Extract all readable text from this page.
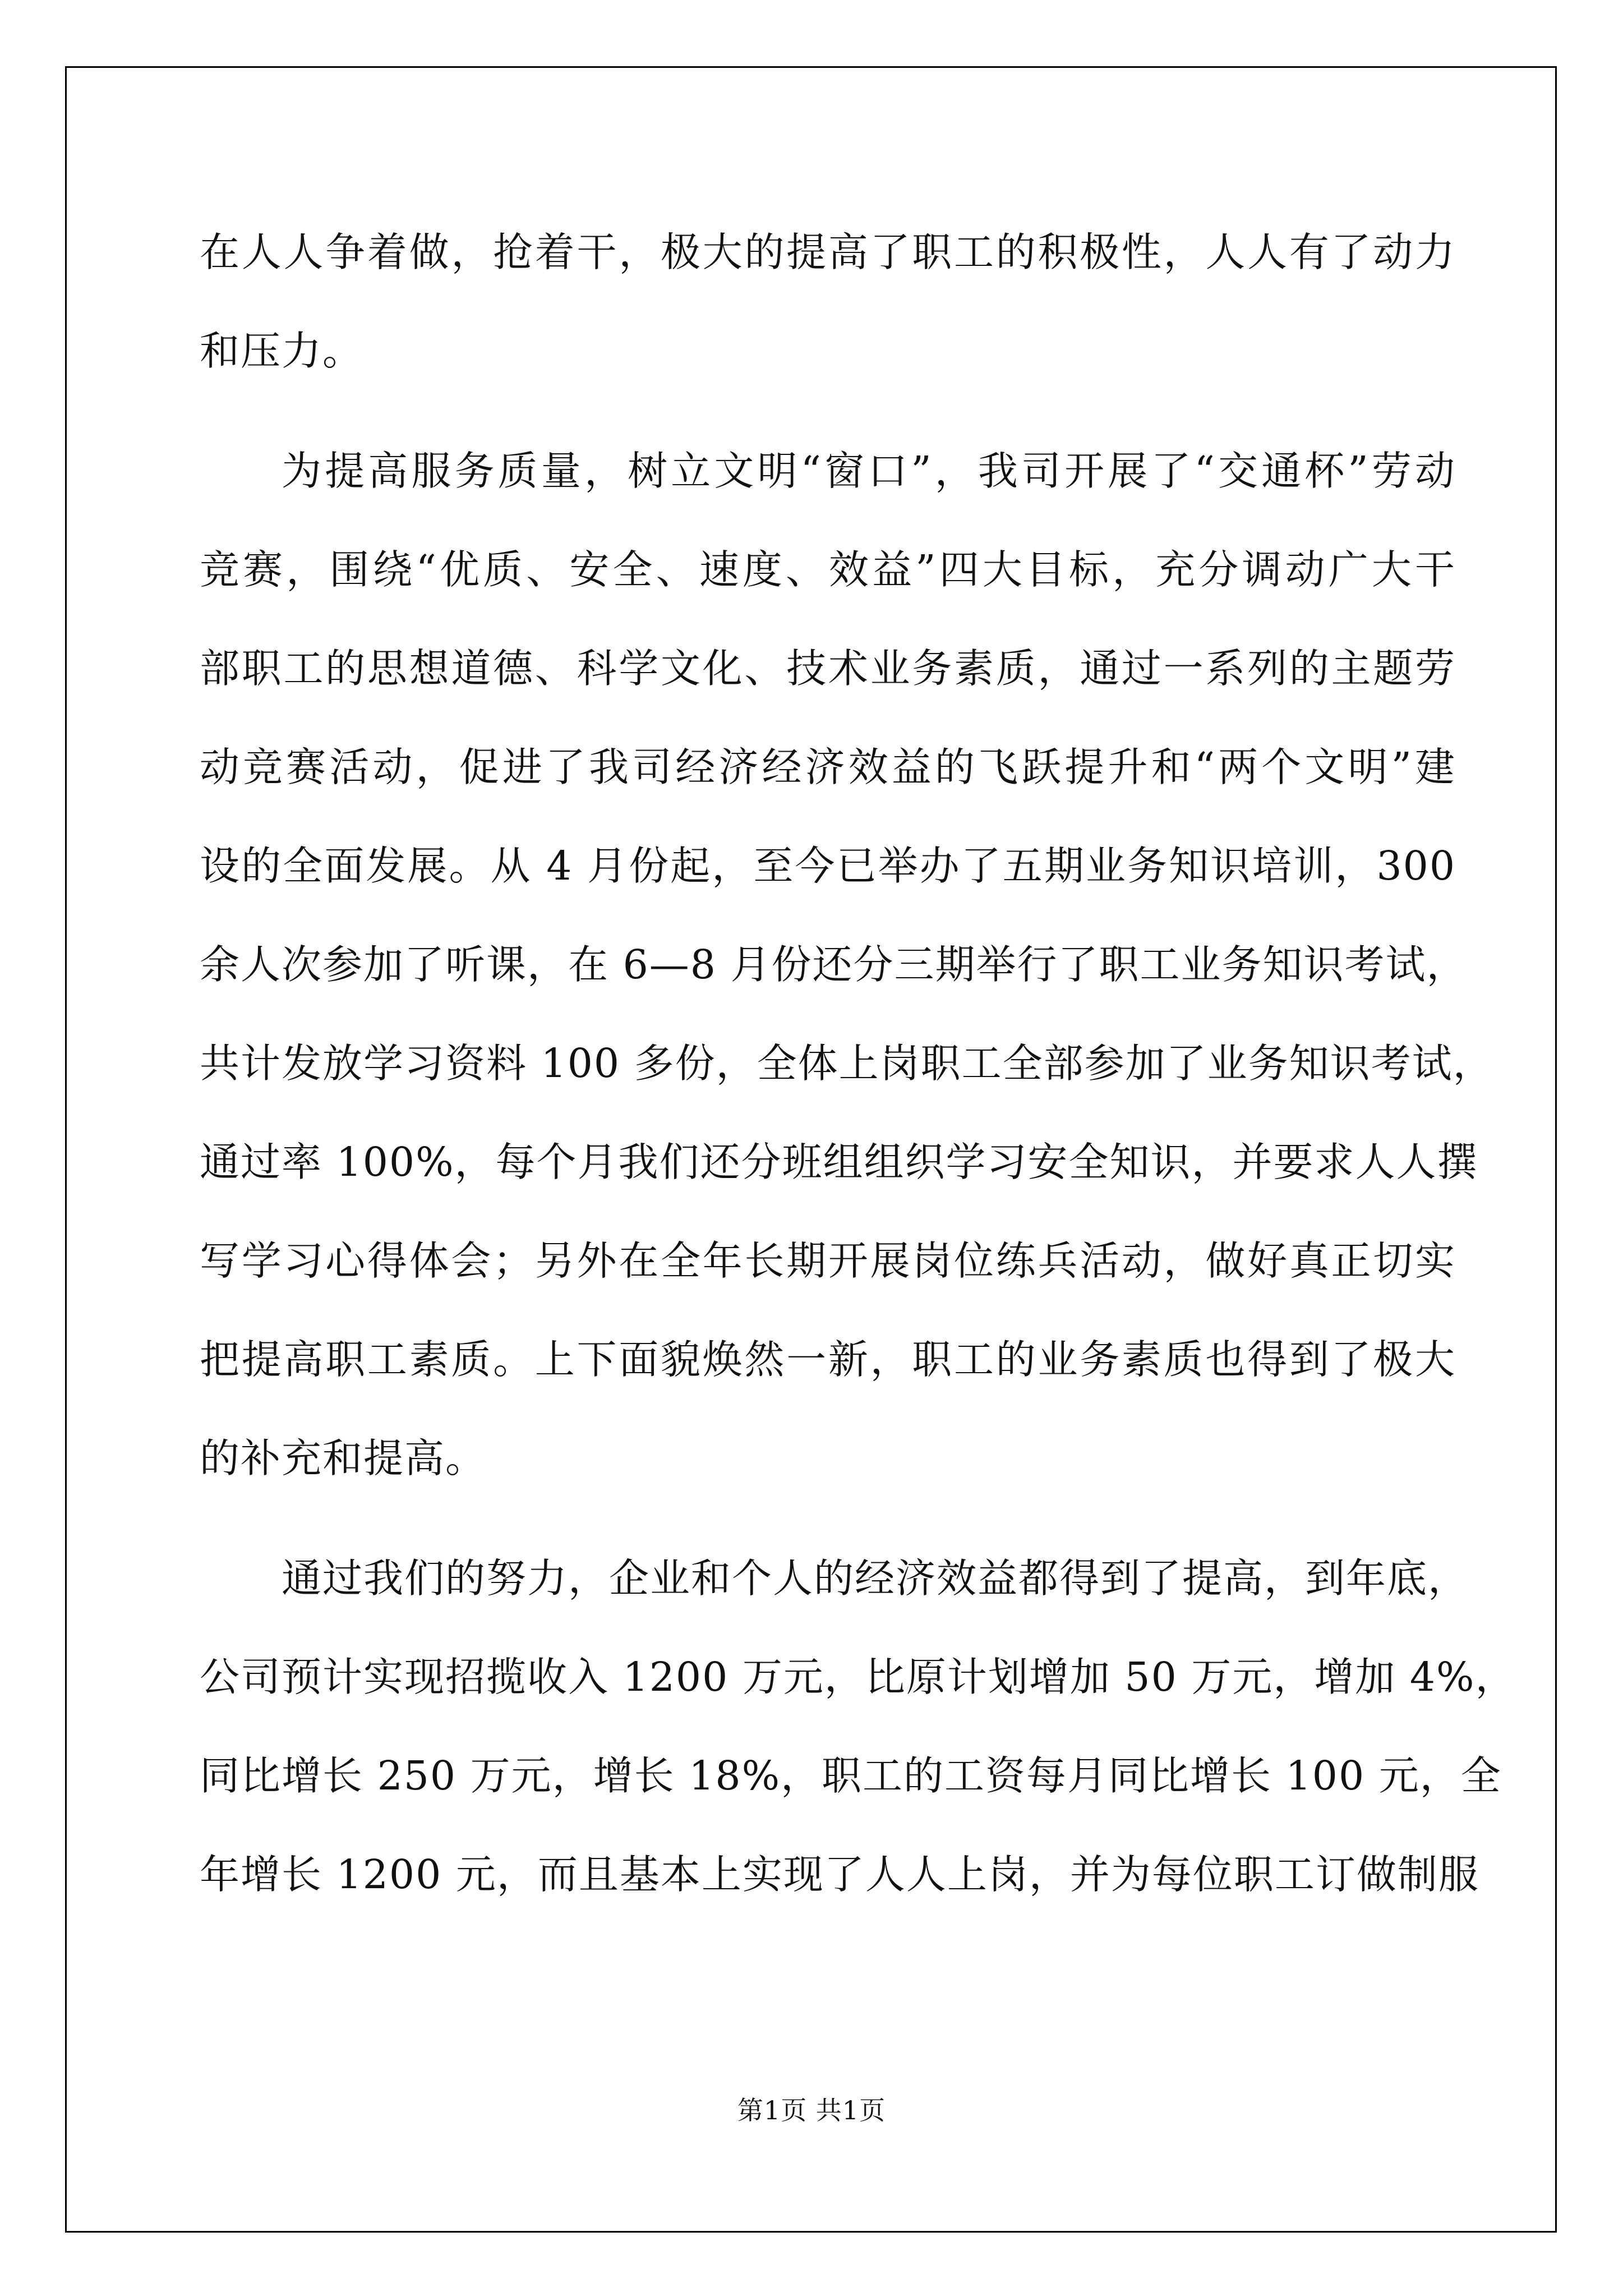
在人人争着做，抢着干，极大的提高了职工的积极性，人人有了动力
和压力。
为提高服务质量，树立文明“窗口”，我司开展了“交通杯”劳动
竞赛，围绕“优质、安全、速度、效益”四大目标，充分调动广大干
部职工的思想道德、科学文化、技术业务素质，通过一系列的主题劳
动竞赛活动，促进了我司经济经济效益的飞跃提升和“两个文明”建
设的全面发展。从 4 月份起，至今已举办了五期业务知识培训，300
余人次参加了听课，在 6—8 月份还分三期举行了职工业务知识考试，
共计发放学习资料 100 多份，全体上岗职工全部参加了业务知识考试，
通过率 100%，每个月我们还分班组组织学习安全知识，并要求人人撰
写学习心得体会；另外在全年长期开展岗位练兵活动，做好真正切实
把提高职工素质。上下面貌焕然一新，职工的业务素质也得到了极大
的补充和提高。
通过我们的努力，企业和个人的经济效益都得到了提高，到年底，
公司预计实现招揽收入 1200 万元，比原计划增加 50 万元，增加 4%，
同比增长 250 万元，增长 18%，职工的工资每月同比增长 100 元，全
年增长 1200 元，而且基本上实现了人人上岗，并为每位职工订做制服
第1页 共1页
